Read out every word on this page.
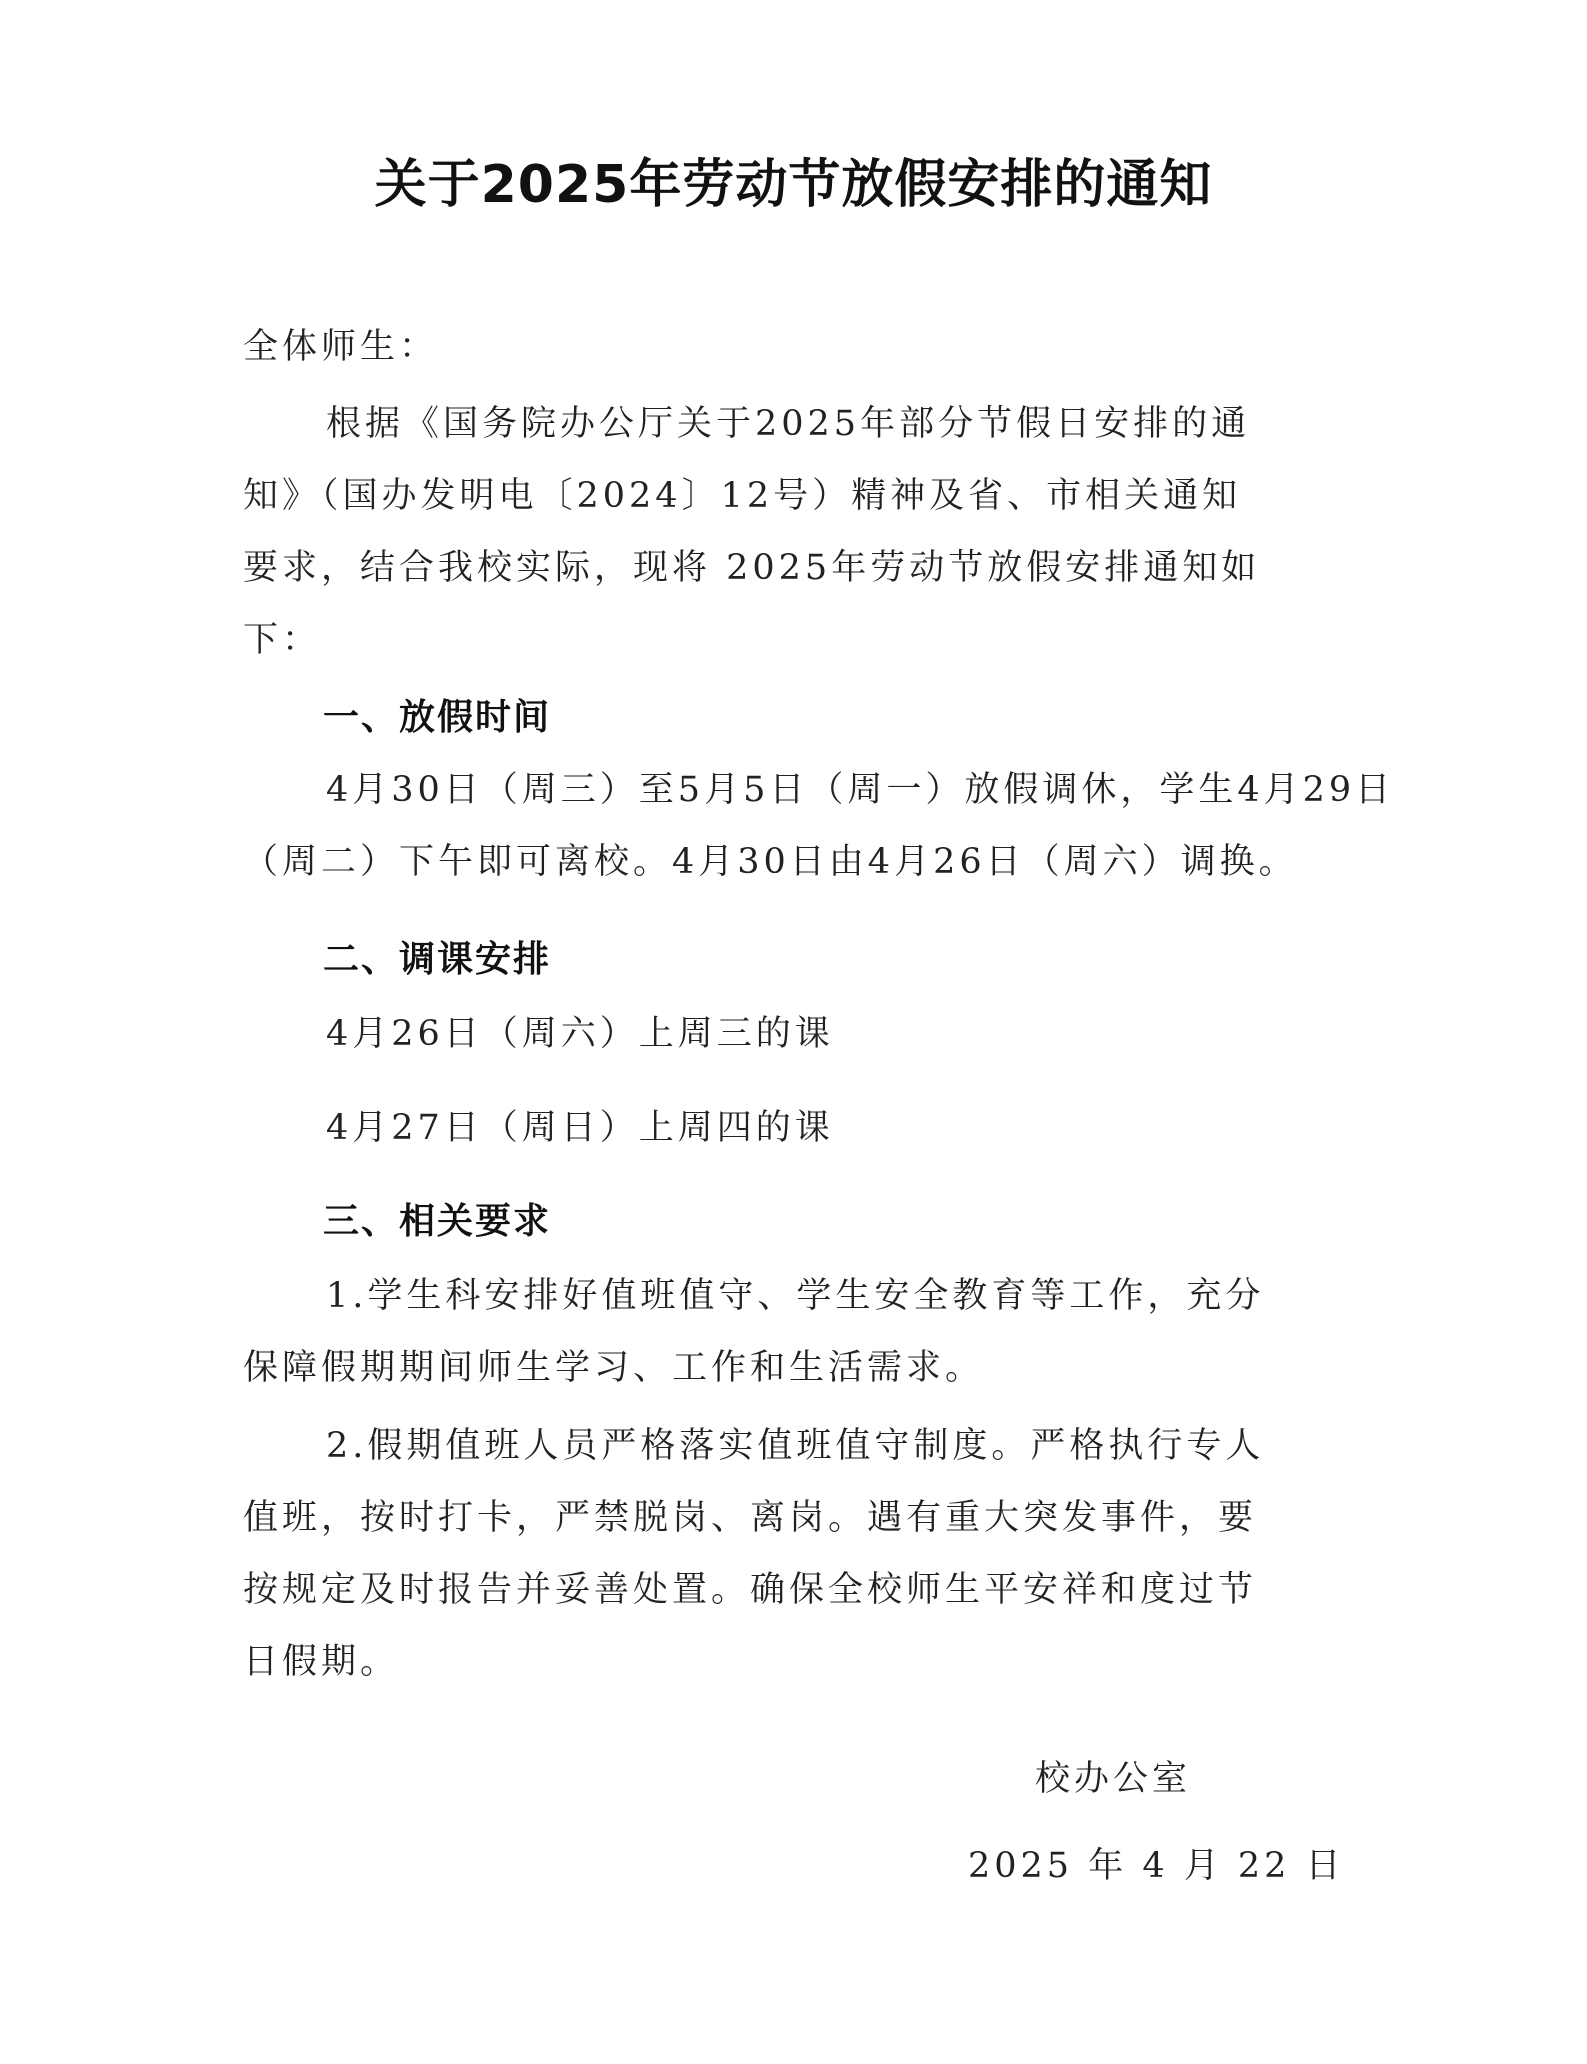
关于2025年劳动节放假安排的通知
全体师生：
根据《国务院办公厅关于2025年部分节假日安排的通
知》（国办发明电〔2024〕12号）精神及省、市相关通知
要求，结合我校实际，现将 2025年劳动节放假安排通知如
下：
一、放假时间
4月30日（周三）至5月5日（周一）放假调休，学生4月29日
（周二）下午即可离校。4月30日由4月26日（周六）调换。
二、调课安排
4月26日（周六）上周三的课
4月27日（周日）上周四的课
三、相关要求
1.学生科安排好值班值守、学生安全教育等工作，充分
保障假期期间师生学习、工作和生活需求。
2.假期值班人员严格落实值班值守制度。严格执行专人
值班，按时打卡，严禁脱岗、离岗。遇有重大突发事件，要
按规定及时报告并妥善处置。确保全校师生平安祥和度过节
日假期。
校办公室
2025 年 4 月 22 日
